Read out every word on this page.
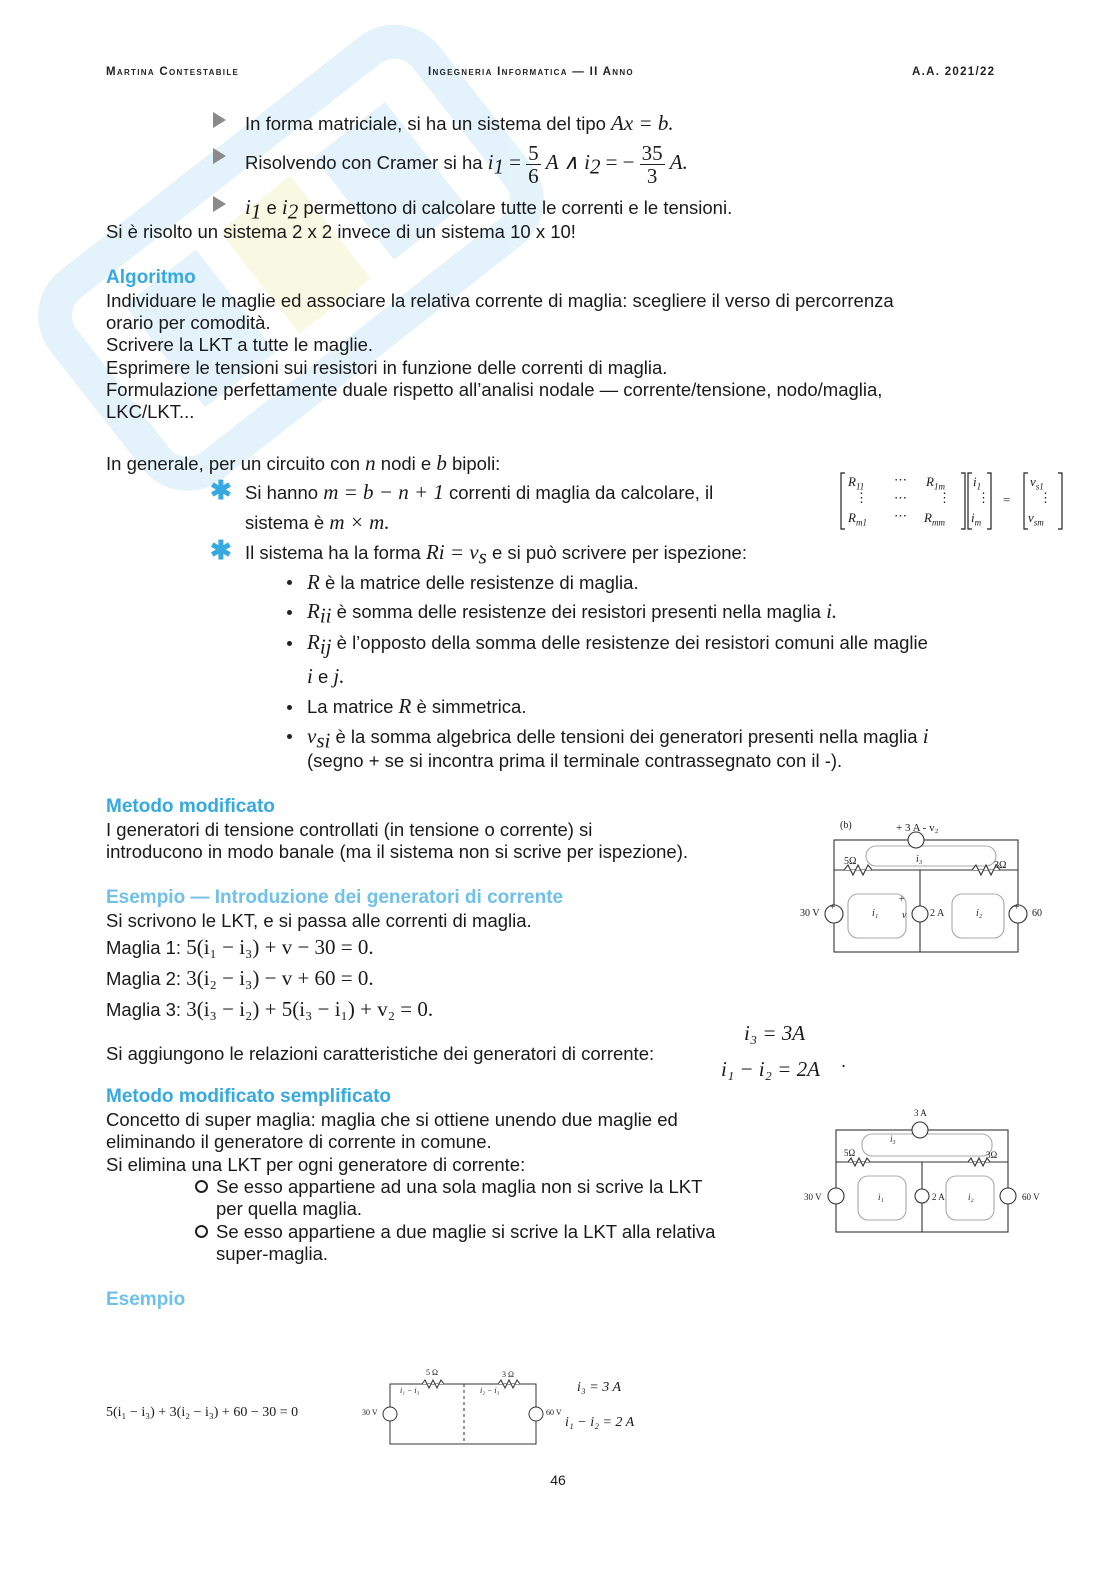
Martina Contestabile	Ingegneria Informatica — II Anno	A.A. 2021/22
In forma matriciale, si ha un sistema del tipo Ax = b.
Risolvendo con Cramer si ha $i_1 = \frac{5}{6}$ A ∧ $i_2$ = − $\frac{35}{3} A$.
$i_1$ e $i_2$ permettono di calcolare tutte le correnti e le tensioni.
Si è risolto un sistema 2 x 2 invece di un sistema 10 x 10!
Algoritmo
Individuare le maglie ed associare la relativa corrente di maglia: scegliere il verso di percorrenza
orario per comodità.
Scrivere la LKT a tutte le maglie.
Esprimere le tensioni sui resistori in funzione delle correnti di maglia.
Formulazione perfettamente duale rispetto all’analisi nodale — corrente/tensione, nodo/maglia,
LKC/LKT...
In generale, per un circuito con n nodi e b bipoli:
✱ Si hanno m = b − n + 1 correnti di maglia da calcolare, il
sistema è m × m.
$R_{11}$ ⋯ $R_{1m}$
⋮ ⋯ ⋮
$R_{m1}$ ⋯ $R_{mm}$
$i_1$
⋮
$i_m$
=
$v_{s1}$
⋮
$v_{sm}$
✱ Il sistema ha la forma $Ri = v_s$ e si può scrivere per ispezione:
R è la matrice delle resistenze di maglia.
$R_{ii}$ è somma delle resistenze dei resistori presenti nella maglia i.
$R_{ij}$ è l’opposto della somma delle resistenze dei resistori comuni alle maglie
i e j.
La matrice R è simmetrica.
$v_{si}$ è la somma algebrica delle tensioni dei generatori presenti nella maglia i
(segno + se si incontra prima il terminale contrassegnato con il -).
Metodo modificato
I generatori di tensione controllati (in tensione o corrente) si
introducono in modo banale (ma il sistema non si scrive per ispezione).
Esempio — Introduzione dei generatori di corrente
Si scrivono le LKT, e si passa alle correnti di maglia.
Maglia 1: 5(i₁ − i₃) + v − 30 = 0.
Maglia 2: 3(i₂ − i₃) − v + 60 = 0.
Maglia 3: 3(i₃ − i₂) + 5(i₃ − i₁) + v₂ = 0.
Si aggiungono le relazioni caratteristiche dei generatori di corrente:
i₃ = 3A
i₁ − i₂ = 2A .
(b)	+ 3 A - v₂
5Ω	3Ω
i₃
30 V
+
i₁
+
v 2 A	i₂
+
60
Metodo modificato semplificato
Concetto di super maglia: maglia che si ottiene unendo due maglie ed
eliminando il generatore di corrente in comune.
Si elimina una LKT per ogni generatore di corrente:
Se esso appartiene ad una sola maglia non si scrive la LKT
per quella maglia.
Se esso appartiene a due maglie si scrive la LKT alla relativa
super-maglia.
3 A
i₃
5Ω	3Ω
30 V	i₁	2 A	i₂	60 V
Esempio
5(i₁ − i₃) + 3(i₂ − i₃) + 60 − 30 = 0
5 Ω	3 Ω
i₁ − i₃	i₂ − i₃
30 V	60 V
i₃ = 3 A
i₁ − i₂ = 2 A
46
